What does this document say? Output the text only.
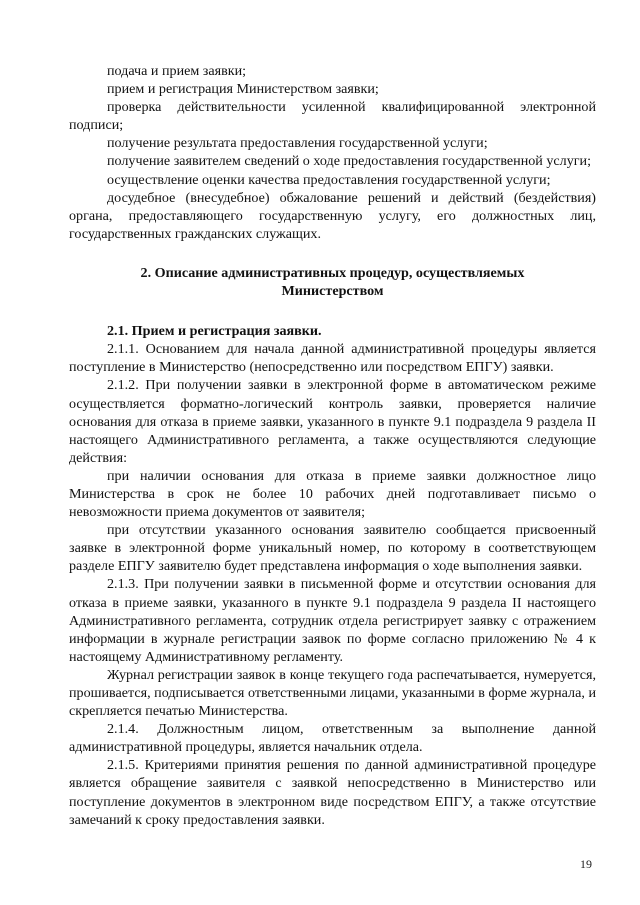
подача и прием заявки;

прием и регистрация Министерством заявки;

проверка действительности усиленной квалифицированной электронной подписи;

получение результата предоставления государственной услуги;

получение заявителем сведений о ходе предоставления государственной услуги;

осуществление оценки качества предоставления государственной услуги;

досудебное (внесудебное) обжалование решений и действий (бездействия) органа, предоставляющего государственную услугу, его должностных лиц, государственных гражданских служащих.

2. Описание административных процедур, осуществляемых Министерством

2.1. Прием и регистрация заявки.

2.1.1. Основанием для начала данной административной процедуры является поступление в Министерство (непосредственно или посредством ЕПГУ) заявки.

2.1.2. При получении заявки в электронной форме в автоматическом режиме осуществляется форматно-логический контроль заявки, проверяется наличие основания для отказа в приеме заявки, указанного в пункте 9.1 подраздела 9 раздела II настоящего Административного регламента, а также осуществляются следующие действия:

при наличии основания для отказа в приеме заявки должностное лицо Министерства в срок не более 10 рабочих дней подготавливает письмо о невозможности приема документов от заявителя;

при отсутствии указанного основания заявителю сообщается присвоенный заявке в электронной форме уникальный номер, по которому в соответствующем разделе ЕПГУ заявителю будет представлена информация о ходе выполнения заявки.

2.1.3. При получении заявки в письменной форме и отсутствии основания для отказа в приеме заявки, указанного в пункте 9.1 подраздела 9 раздела II настоящего Административного регламента, сотрудник отдела регистрирует заявку с отражением информации в журнале регистрации заявок по форме согласно приложению № 4 к настоящему Административному регламенту.

Журнал регистрации заявок в конце текущего года распечатывается, нумеруется, прошивается, подписывается ответственными лицами, указанными в форме журнала, и скрепляется печатью Министерства.

2.1.4. Должностным лицом, ответственным за выполнение данной административной процедуры, является начальник отдела.

2.1.5. Критериями принятия решения по данной административной процедуре является обращение заявителя с заявкой непосредственно в Министерство или поступление документов в электронном виде посредством ЕПГУ, а также отсутствие замечаний к сроку предоставления заявки.

19
